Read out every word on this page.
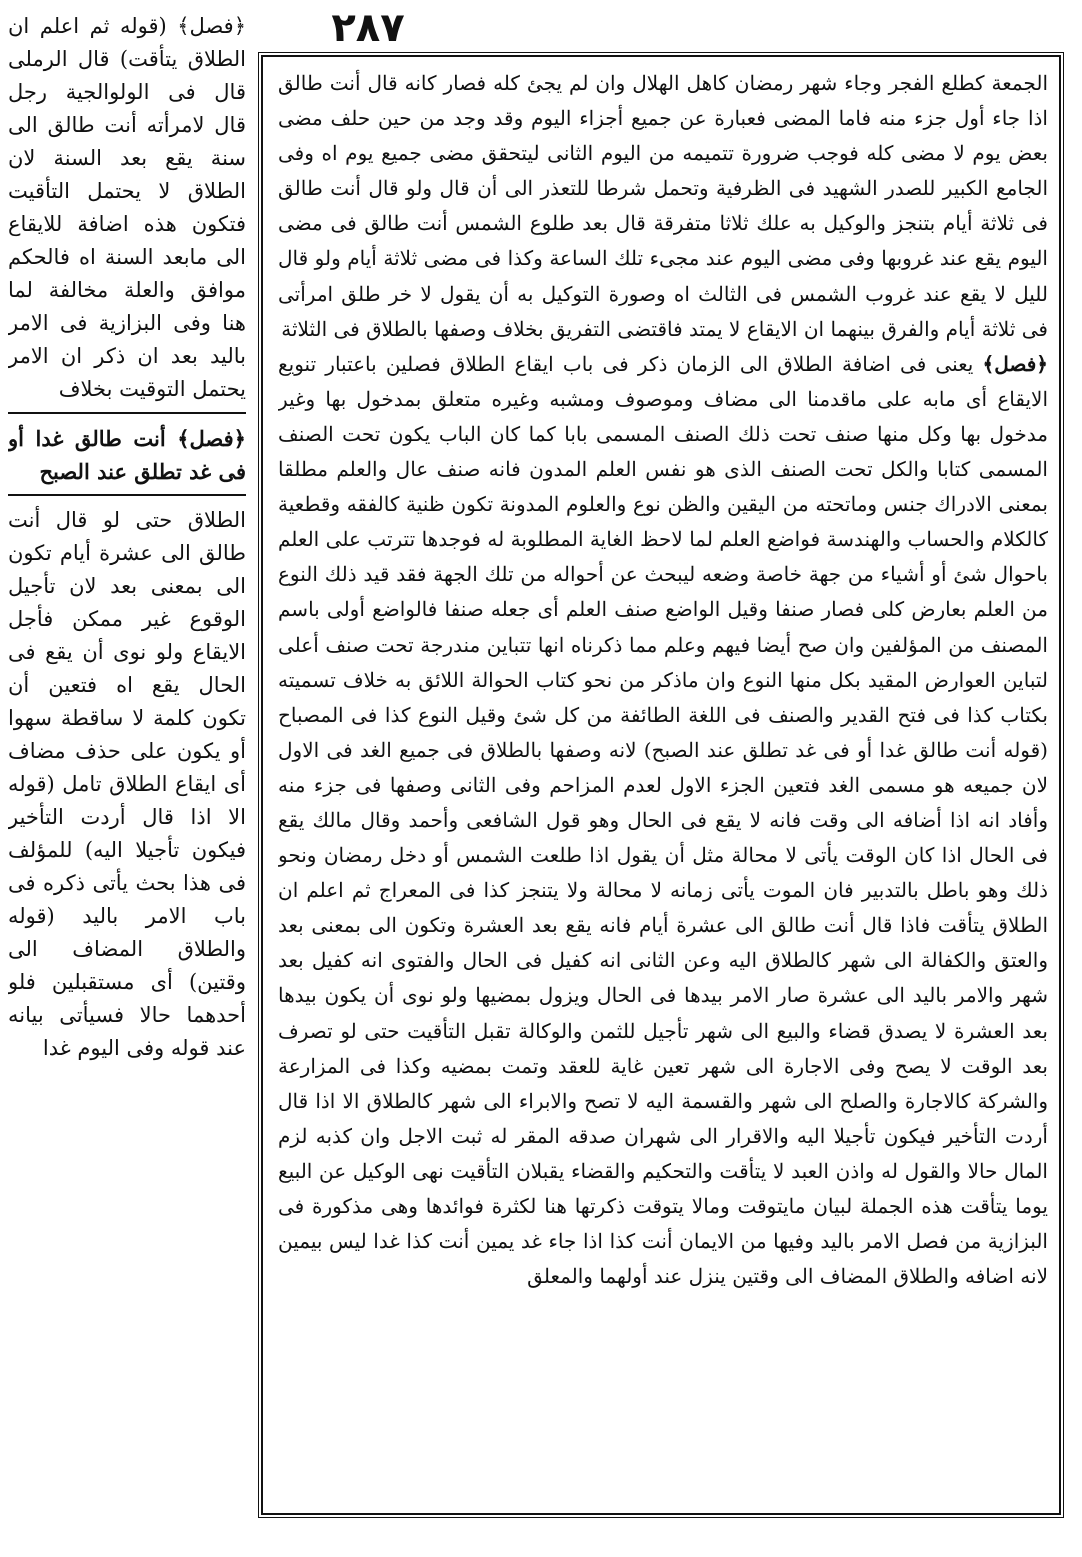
٢٨٧

الجمعة كطلع الفجر وجاء شهر رمضان كاهل الهلال وان لم يجئ كله فصار كانه قال أنت طالق اذا جاء أول جزء منه فاما المضى فعبارة عن جميع أجزاء اليوم وقد وجد من حين حلف مضى بعض يوم لا مضى كله فوجب ضرورة تتميمه من اليوم الثانى ليتحقق مضى جميع يوم اه وفى الجامع الكبير للصدر الشهيد فى الظرفية وتحمل شرطا للتعذر الى أن قال ولو قال أنت طالق فى ثلاثة أيام بتنجز والوكيل به علك ثلاثا متفرقة قال بعد طلوع الشمس أنت طالق فى مضى اليوم يقع عند غروبها وفى مضى اليوم عند مجىء تلك الساعة وكذا فى مضى ثلاثة أيام ولو قال لليل لا يقع عند غروب الشمس فى الثالث اه وصورة التوكيل به أن يقول لا خر طلق امرأتى فى ثلاثة أيام والفرق بينهما ان الايقاع لا يمتد فاقتضى التفريق بخلاف وصفها بالطلاق فى الثلاثة

﴿فصل﴾ يعنى فى اضافة الطلاق الى الزمان ذكر فى باب ايقاع الطلاق فصلين باعتبار تنويع الايقاع أى مابه على ماقدمنا الى مضاف وموصوف ومشبه وغيره متعلق بمدخول بها وغير مدخول بها وكل منها صنف تحت ذلك الصنف المسمى بابا كما كان الباب يكون تحت الصنف المسمى كتابا والكل تحت الصنف الذى هو نفس العلم المدون فانه صنف عال والعلم مطلقا بمعنى الادراك جنس وماتحته من اليقين والظن نوع والعلوم المدونة تكون ظنية كالفقه وقطعية كالكلام والحساب والهندسة فواضع العلم لما لاحظ الغاية المطلوبة له فوجدها تترتب على العلم باحوال شئ أو أشياء من جهة خاصة وضعه ليبحث عن أحواله من تلك الجهة فقد قيد ذلك النوع من العلم بعارض كلى فصار صنفا وقيل الواضع صنف العلم أى جعله صنفا فالواضع أولى باسم المصنف من المؤلفين وان صح أيضا فيهم وعلم مما ذكرناه انها تتباين مندرجة تحت صنف أعلى لتباين العوارض المقيد بكل منها النوع وان ماذكر من نحو كتاب الحوالة اللائق به خلاف تسميته بكتاب كذا فى فتح القدير والصنف فى اللغة الطائفة من كل شئ وقيل النوع كذا فى المصباح (قوله أنت طالق غدا أو فى غد تطلق عند الصبح) لانه وصفها بالطلاق فى جميع الغد فى الاول لان جميعه هو مسمى الغد فتعين الجزء الاول لعدم المزاحم وفى الثانى وصفها فى جزء منه وأفاد انه اذا أضافه الى وقت فانه لا يقع فى الحال وهو قول الشافعى وأحمد وقال مالك يقع فى الحال اذا كان الوقت يأتى لا محالة مثل أن يقول اذا طلعت الشمس أو دخل رمضان ونحو ذلك وهو باطل بالتدبير فان الموت يأتى زمانه لا محالة ولا يتنجز كذا فى المعراج ثم اعلم ان الطلاق يتأقت فاذا قال أنت طالق الى عشرة أيام فانه يقع بعد العشرة وتكون الى بمعنى بعد والعتق والكفالة الى شهر كالطلاق اليه وعن الثانى انه كفيل فى الحال والفتوى انه كفيل بعد شهر والامر باليد الى عشرة صار الامر بيدها فى الحال ويزول بمضيها ولو نوى أن يكون بيدها بعد العشرة لا يصدق قضاء والبيع الى شهر تأجيل للثمن والوكالة تقبل التأقيت حتى لو تصرف بعد الوقت لا يصح وفى الاجارة الى شهر تعين غاية للعقد وتمت بمضيه وكذا فى المزارعة والشركة كالاجارة والصلح الى شهر والقسمة اليه لا تصح والابراء الى شهر كالطلاق الا اذا قال أردت التأخير فيكون تأجيلا اليه والاقرار الى شهران صدقه المقر له ثبت الاجل وان كذبه لزم المال حالا والقول له واذن العبد لا يتأقت والتحكيم والقضاء يقبلان التأقيت نهى الوكيل عن البيع يوما يتأقت هذه الجملة لبيان مايتوقت ومالا يتوقت ذكرتها هنا لكثرة فوائدها وهى مذكورة فى البزازية من فصل الامر باليد وفيها من الايمان أنت كذا اذا جاء غد يمين أنت كذا غدا ليس بيمين لانه اضافه والطلاق المضاف الى وقتين ينزل عند أولهما والمعلق

﴿فصل﴾ (قوله ثم اعلم ان الطلاق يتأقت) قال الرملى قال فى الولوالجية رجل قال لامرأته أنت طالق الى سنة يقع بعد السنة لان الطلاق لا يحتمل التأقيت فتكون هذه اضافة للايقاع الى مابعد السنة اه فالحكم موافق والعلة مخالفة لما هنا وفى البزازية فى الامر باليد بعد ان ذكر ان الامر يحتمل التوقيت بخلاف

﴿فصل﴾ أنت طالق غدا أو فى غد تطلق عند الصبح

الطلاق حتى لو قال أنت طالق الى عشرة أيام تكون الى بمعنى بعد لان تأجيل الوقوع غير ممكن فأجل الايقاع ولو نوى أن يقع فى الحال يقع اه فتعين أن تكون كلمة لا ساقطة سهوا أو يكون على حذف مضاف أى ايقاع الطلاق تامل (قوله الا اذا قال أردت التأخير فيكون تأجيلا اليه) للمؤلف فى هذا بحث يأتى ذكره فى باب الامر باليد (قوله والطلاق المضاف الى وقتين) أى مستقبلين فلو أحدهما حالا فسيأتى بيانه عند قوله وفى اليوم غدا
